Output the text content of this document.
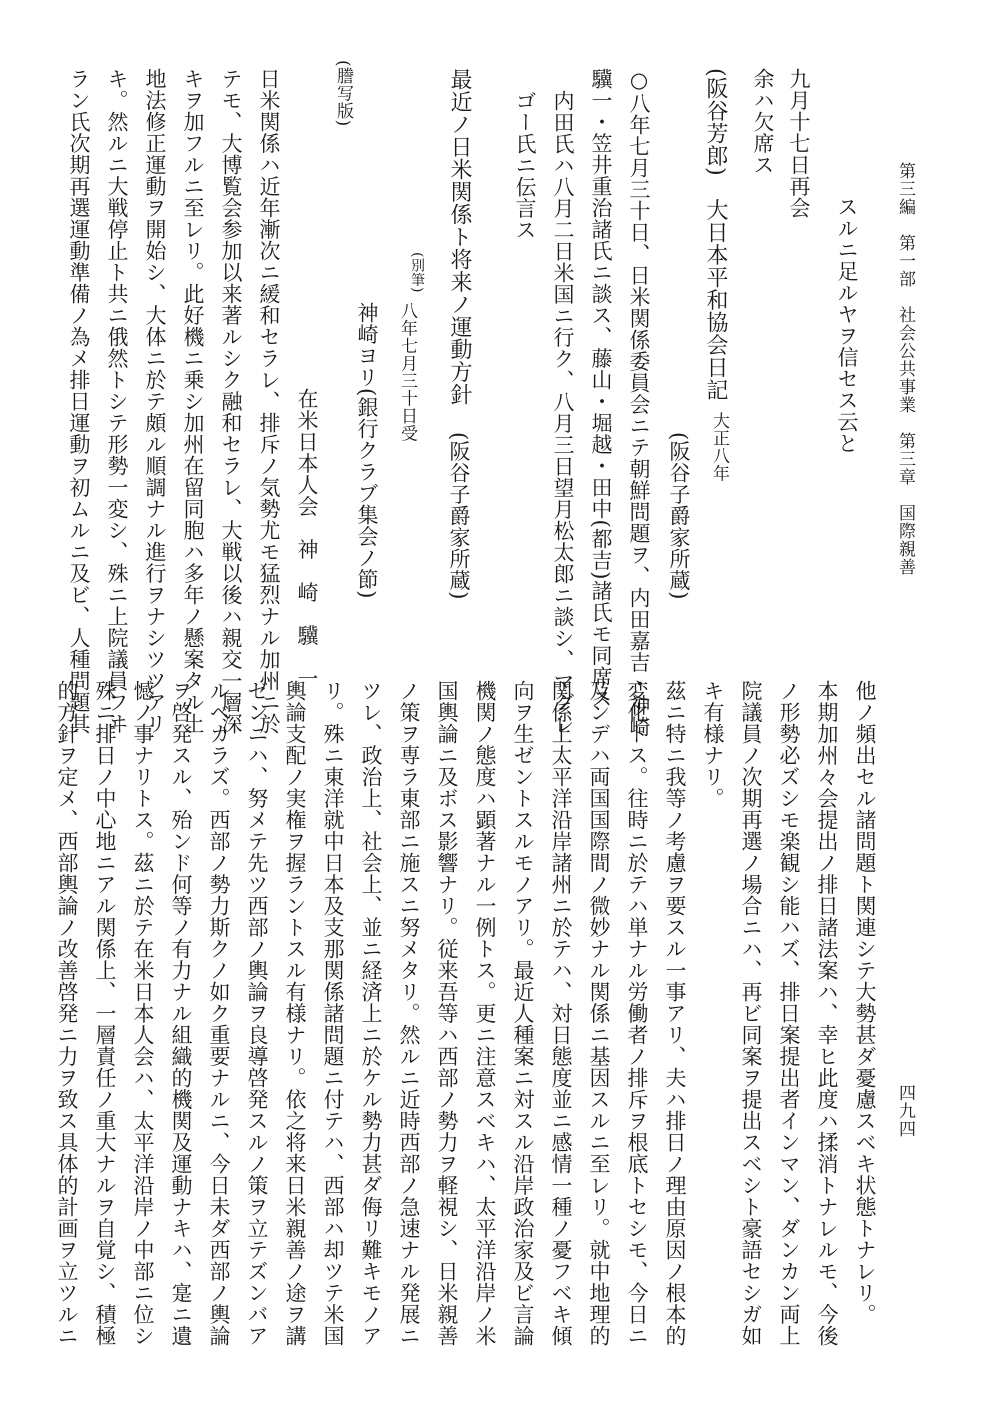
第三編　第一部　社会公共事業　第三章　国際親善
四九四
スルニ足ルヤヲ信セス云と
九月十七日再会
余ハ欠席ス
(阪谷芳郎)　大日本平和協会日記
大正八年
(阪谷子爵家所蔵)
○八年七月三十日、日米関係委員会ニテ朝鮮問題ヲ、内田嘉吉・神崎
驥一・笠井重治諸氏ニ談ス、藤山・堀越・田中(都吉)諸氏モ同席ス
内田氏ハ八月二日米国ニ行ク、八月三日望月松太郎ニ談シ、マグレ
ゴー氏ニ伝言ス
最近ノ日米関係ト将来ノ運動方針
(阪谷子爵家所蔵)
(別筆)
八年七月三十日受
神崎ヨリ(銀行クラブ集会ノ節)
在米日本人会　神　崎　驥　一
(謄写版)
日米関係ハ近年漸次ニ緩和セラレ、排斥ノ気勢尤モ猛烈ナル加州ニ於
テモ、大博覧会参加以来著ルシク融和セラレ、大戦以後ハ親交一層深
キヲ加フルニ至レリ。此好機ニ乗シ加州在留同胞ハ多年ノ懸案タル土
地法修正運動ヲ開始シ、大体ニ於テ頗ル順調ナル進行ヲナシツツアリ
キ。然ルニ大戦停止ト共ニ俄然トシテ形勢一変シ、殊ニ上院議員フヰ
ラン氏次期再選運動準備ノ為メ排日運動ヲ初ムルニ及ビ、人種問題其
他ノ頻出セル諸問題ト関連シテ大勢甚ダ憂慮スベキ状態トナレリ。
本期加州々会提出ノ排日諸法案ハ、幸ヒ此度ハ揉消トナレルモ、今後
ノ形勢必ズシモ楽観シ能ハズ、排日案提出者インマン、ダンカン両上
院議員ノ次期再選ノ場合ニハ、再ビ同案ヲ提出スベシト豪語セシガ如
キ有様ナリ。
茲ニ特ニ我等ノ考慮ヲ要スル一事アリ、夫ハ排日ノ理由原因ノ根本的
変化トス。往時ニ於テハ単ナル労働者ノ排斥ヲ根底トセシモ、今日ニ
及ンデハ両国国際間ノ微妙ナル関係ニ基因スルニ至レリ。就中地理的
関係上太平洋沿岸諸州ニ於テハ、対日態度並ニ感情一種ノ憂フベキ傾
向ヲ生ゼントスルモノアリ。最近人種案ニ対スル沿岸政治家及ビ言論
機関ノ態度ハ顕著ナル一例トス。更ニ注意スベキハ、太平洋沿岸ノ米
国輿論ニ及ボス影響ナリ。従来吾等ハ西部ノ勢力ヲ軽視シ、日米親善
ノ策ヲ専ラ東部ニ施スニ努メタリ。然ルニ近時西部ノ急速ナル発展ニ
ツレ、政治上、社会上、並ニ経済上ニ於ケル勢力甚ダ侮リ難キモノア
リ。殊ニ東洋就中日本及支那関係諸問題ニ付テハ、西部ハ却ツテ米国
輿論支配ノ実権ヲ握ラントスル有様ナリ。依之将来日米親善ノ途ヲ講
ゼンニハ、努メテ先ツ西部ノ輿論ヲ良導啓発スルノ策ヲ立テズンバア
ルベカラズ。西部ノ勢力斯クノ如ク重要ナルニ、今日未ダ西部ノ輿論
ヲ啓発スル、殆ンド何等ノ有力ナル組織的機関及運動ナキハ、寔ニ遺
憾ノ事ナリトス。茲ニ於テ在米日本人会ハ、太平洋沿岸ノ中部ニ位シ
殊ニ排日ノ中心地ニアル関係上、一層責任ノ重大ナルヲ自覚シ、積極
的方針ヲ定メ、西部輿論ノ改善啓発ニ力ヲ致ス具体的計画ヲ立ツルニ
